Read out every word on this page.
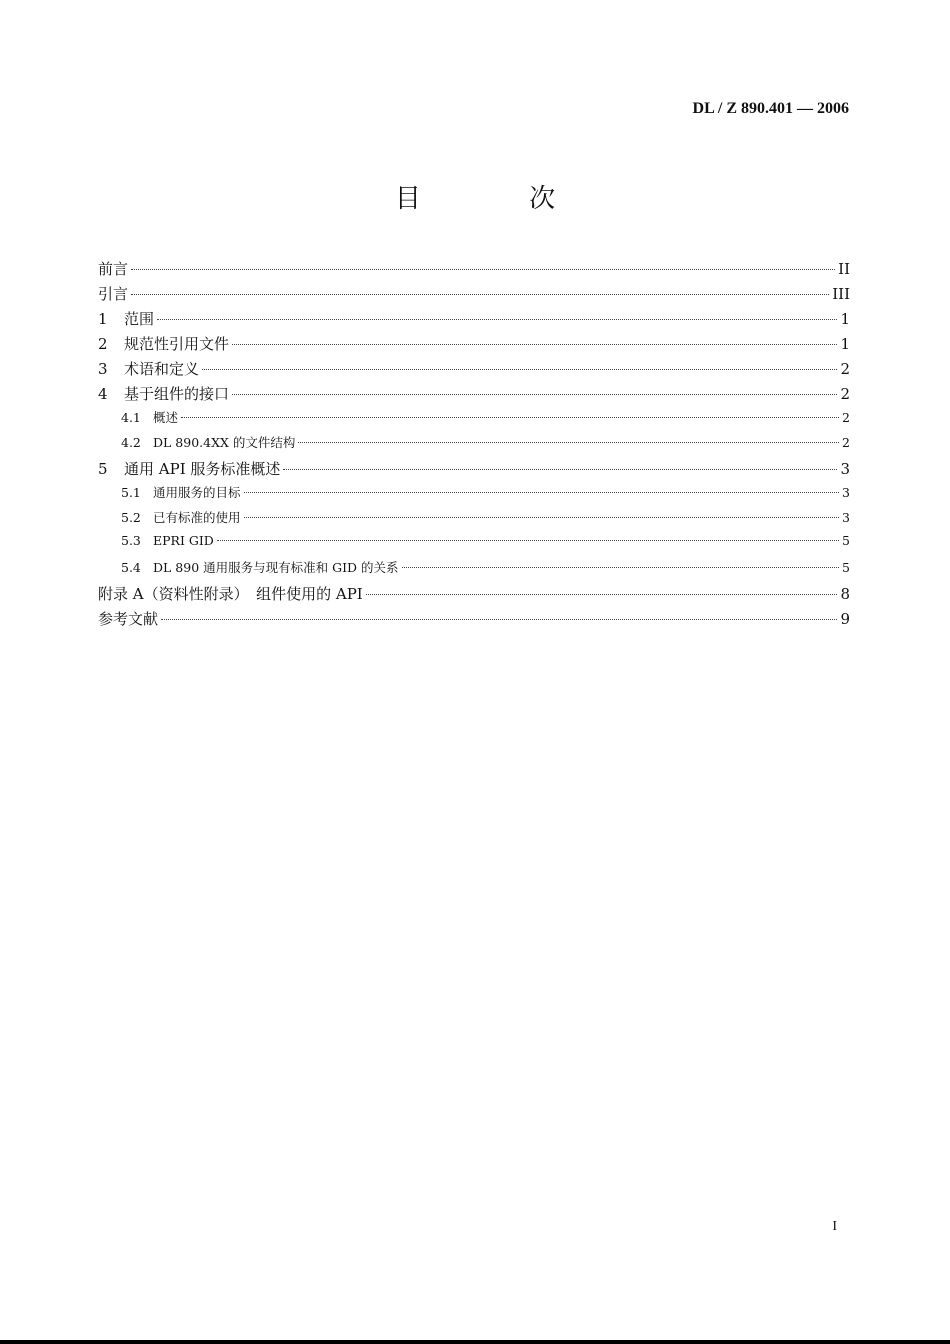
DL / Z 890.401 — 2006
目 次
前言	II
引言	III
1	范围	1
2	规范性引用文件	1
3	术语和定义	2
4	基于组件的接口	2
4.1 概述	2
4.2 DL 890.4XX 的文件结构	2
5	通用 API 服务标准概述	3
5.1 通用服务的目标	3
5.2 已有标准的使用	3
5.3 EPRI GID	5
5.4 DL 890 通用服务与现有标准和 GID 的关系	5
附录 A（资料性附录）　组件使用的 API	8
参考文献	9
I
